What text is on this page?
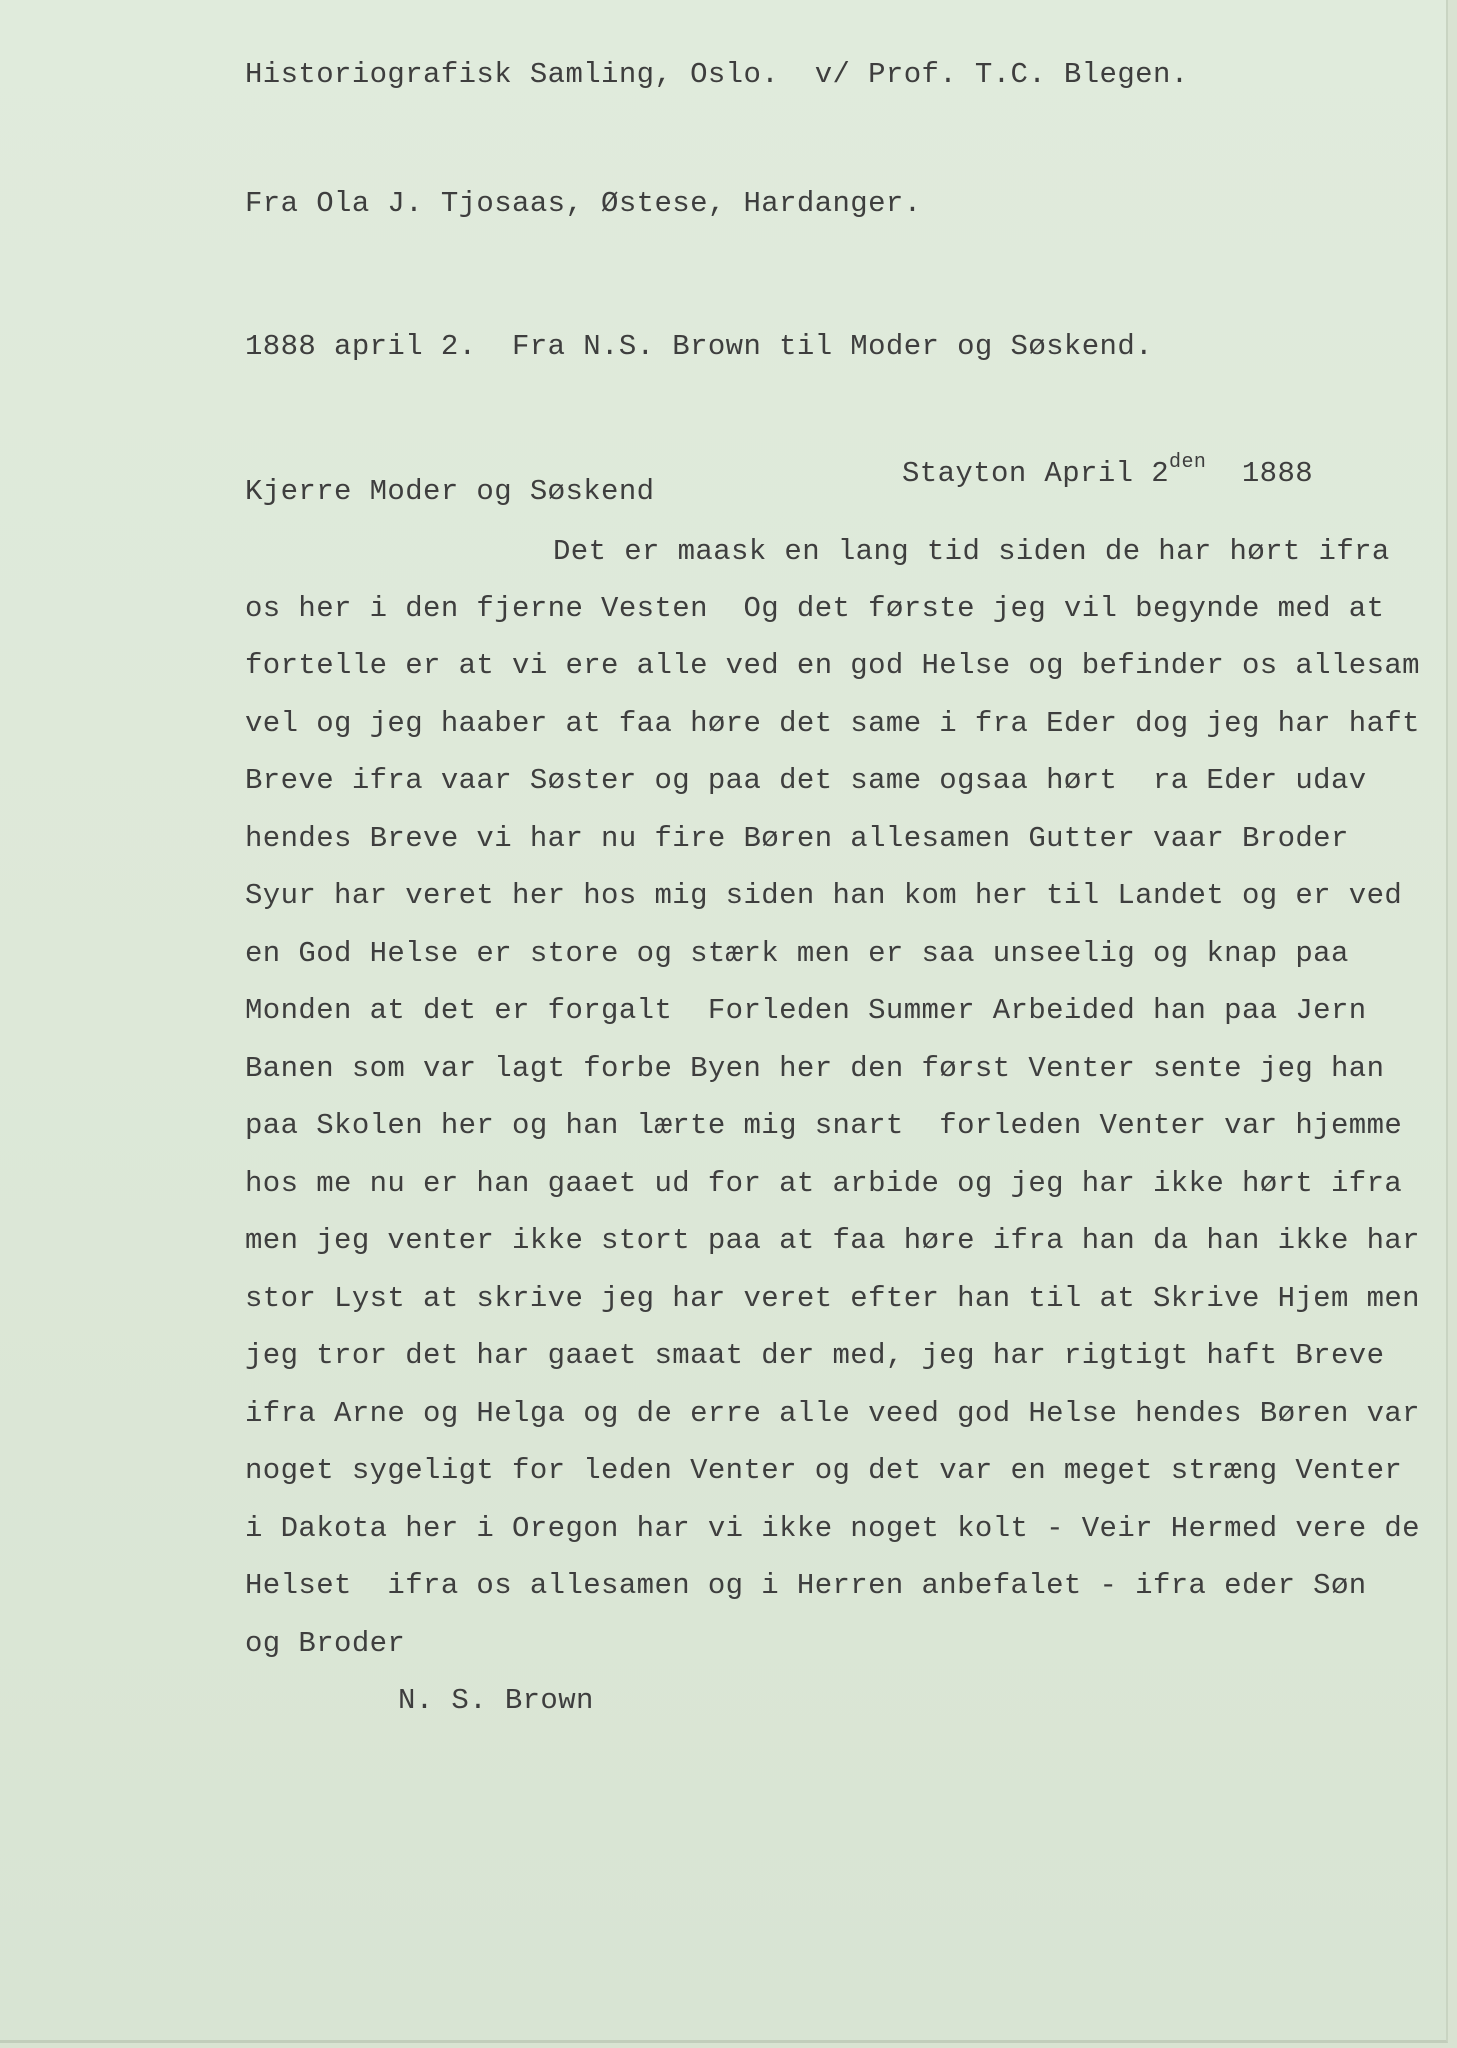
Historiografisk Samling, Oslo.  v/ Prof. T.C. Blegen.
Fra Ola J. Tjosaas, Østese, Hardanger.
1888 april 2.  Fra N.S. Brown til Moder og Søskend.
Stayton April $2^{den}$ 1888
Kjerre Moder og Søskend
Det er maask en lang tid siden de har hørt ifra
os her i den fjerne Vesten  Og det første jeg vil begynde med at
fortelle er at vi ere alle ved en god Helse og befinder os allesam
vel og jeg haaber at faa høre det same i fra Eder dog jeg har haft
Breve ifra vaar Søster og paa det same ogsaa hørt  ra Eder udav
hendes Breve vi har nu fire Børen allesamen Gutter vaar Broder
Syur har veret her hos mig siden han kom her til Landet og er ved
en God Helse er store og stærk men er saa unseelig og knap paa
Monden at det er forgalt  Forleden Summer Arbeided han paa Jern
Banen som var lagt forbe Byen her den først Venter sente jeg han
paa Skolen her og han lærte mig snart  forleden Venter var hjemme
hos me nu er han gaaet ud for at arbide og jeg har ikke hørt ifra
men jeg venter ikke stort paa at faa høre ifra han da han ikke har
stor Lyst at skrive jeg har veret efter han til at Skrive Hjem men
jeg tror det har gaaet smaat der med, jeg har rigtigt haft Breve
ifra Arne og Helga og de erre alle veed god Helse hendes Børen var
noget sygeligt for leden Venter og det var en meget stræng Venter
i Dakota her i Oregon har vi ikke noget kolt - Veir Hermed vere de
Helset  ifra os allesamen og i Herren anbefalet - ifra eder Søn
og Broder
N. S. Brown
